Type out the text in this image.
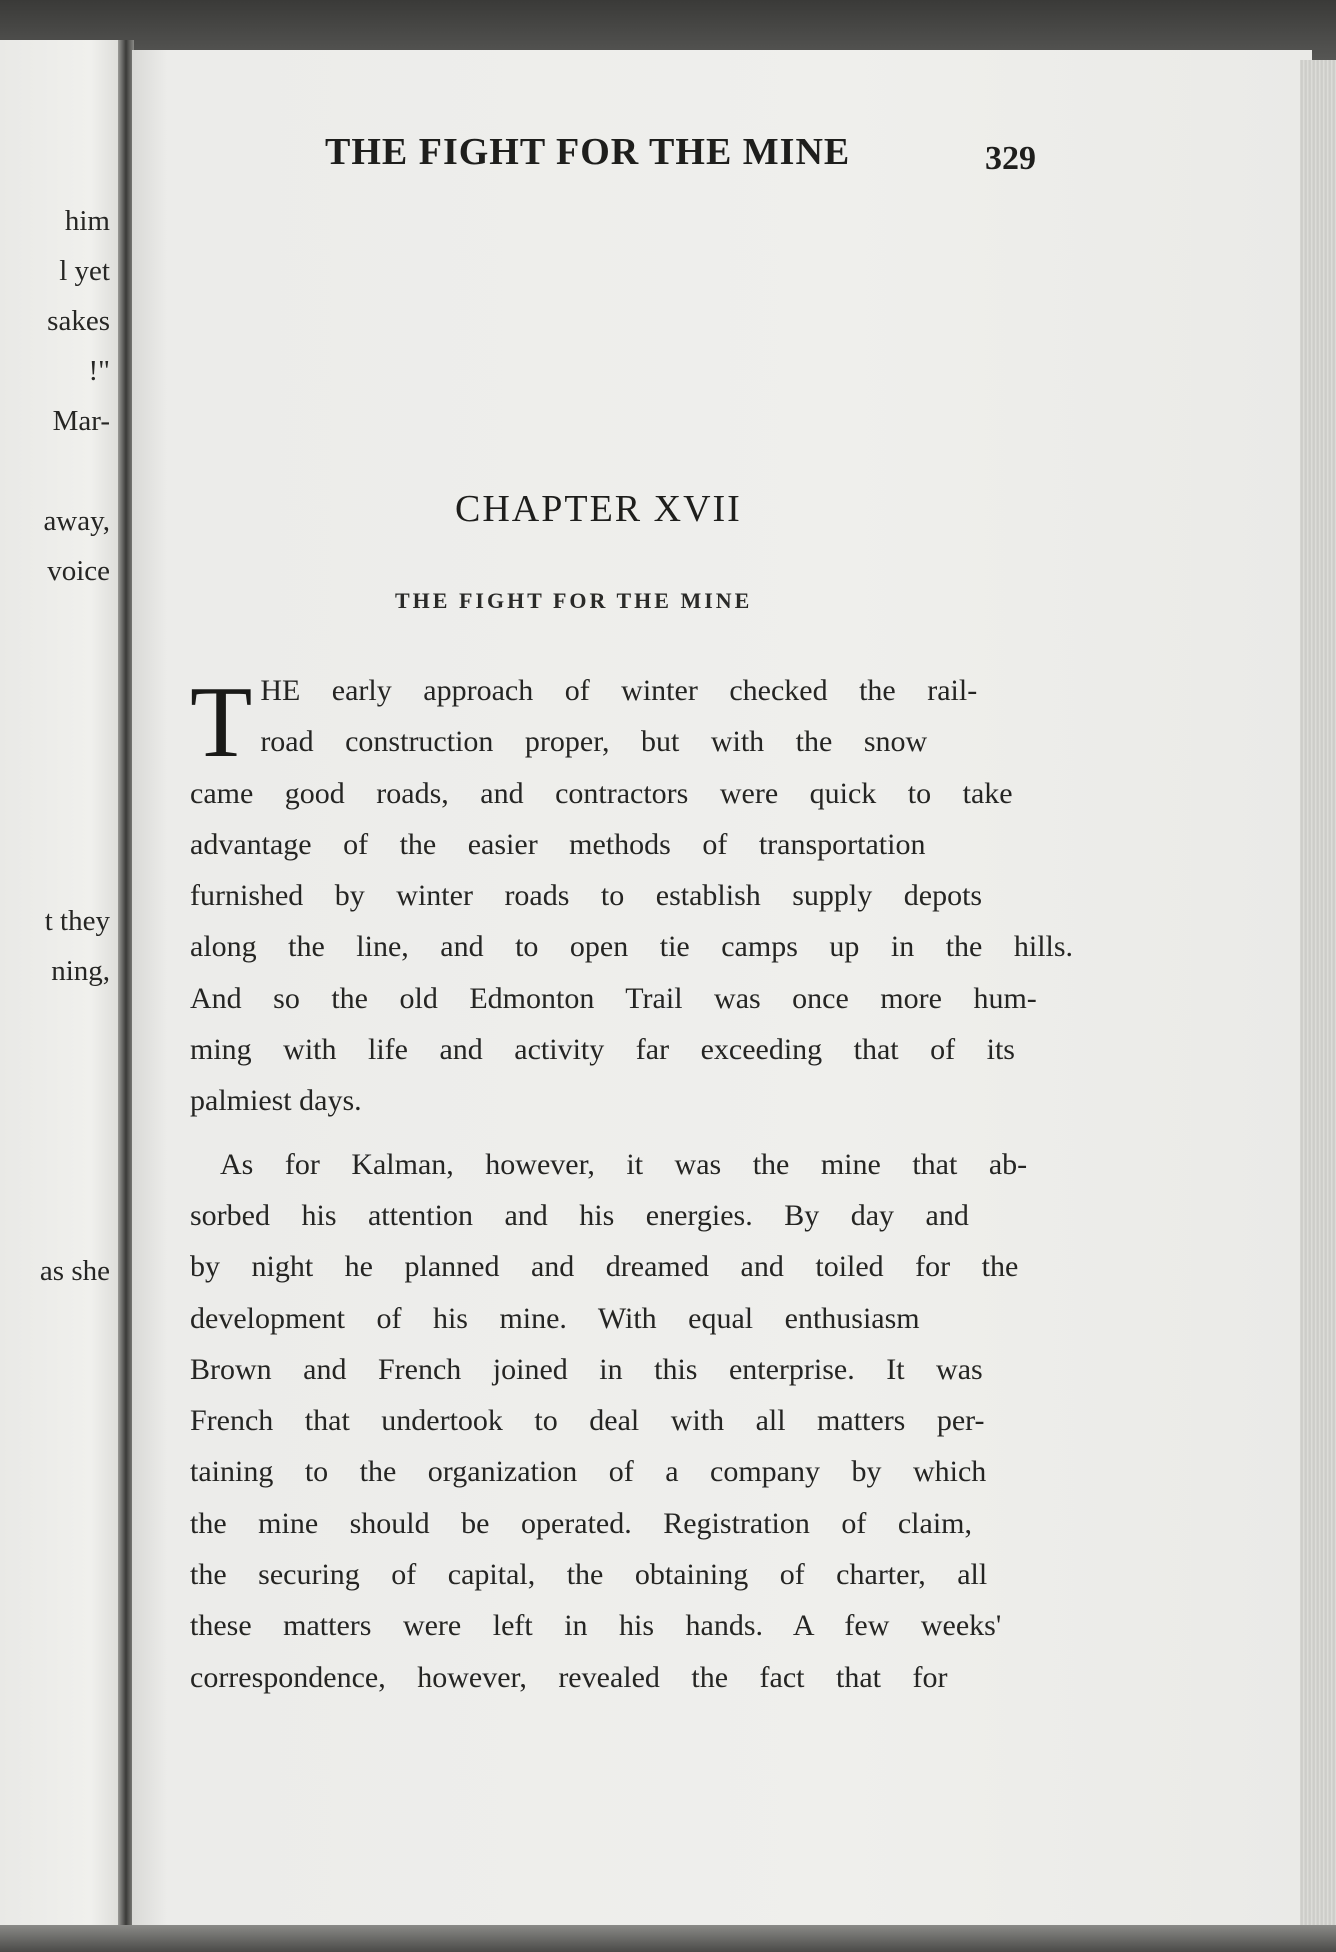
him
l yet
sakes
!"
Mar-
away,
voice
t they
ning,
as she
THE FIGHT FOR THE MINE	329
CHAPTER XVII
THE FIGHT FOR THE MINE
T HE early approach of winter checked the rail-
road construction proper, but with the snow
came good roads, and contractors were quick to take
advantage of the easier methods of transportation
furnished by winter roads to establish supply depots
along the line, and to open tie camps up in the hills.
And so the old Edmonton Trail was once more hum-
ming with life and activity far exceeding that of its
palmiest days.
As for Kalman, however, it was the mine that ab-
sorbed his attention and his energies. By day and
by night he planned and dreamed and toiled for the
development of his mine. With equal enthusiasm
Brown and French joined in this enterprise. It was
French that undertook to deal with all matters per-
taining to the organization of a company by which
the mine should be operated. Registration of claim,
the securing of capital, the obtaining of charter, all
these matters were left in his hands. A few weeks'
correspondence, however, revealed the fact that for
